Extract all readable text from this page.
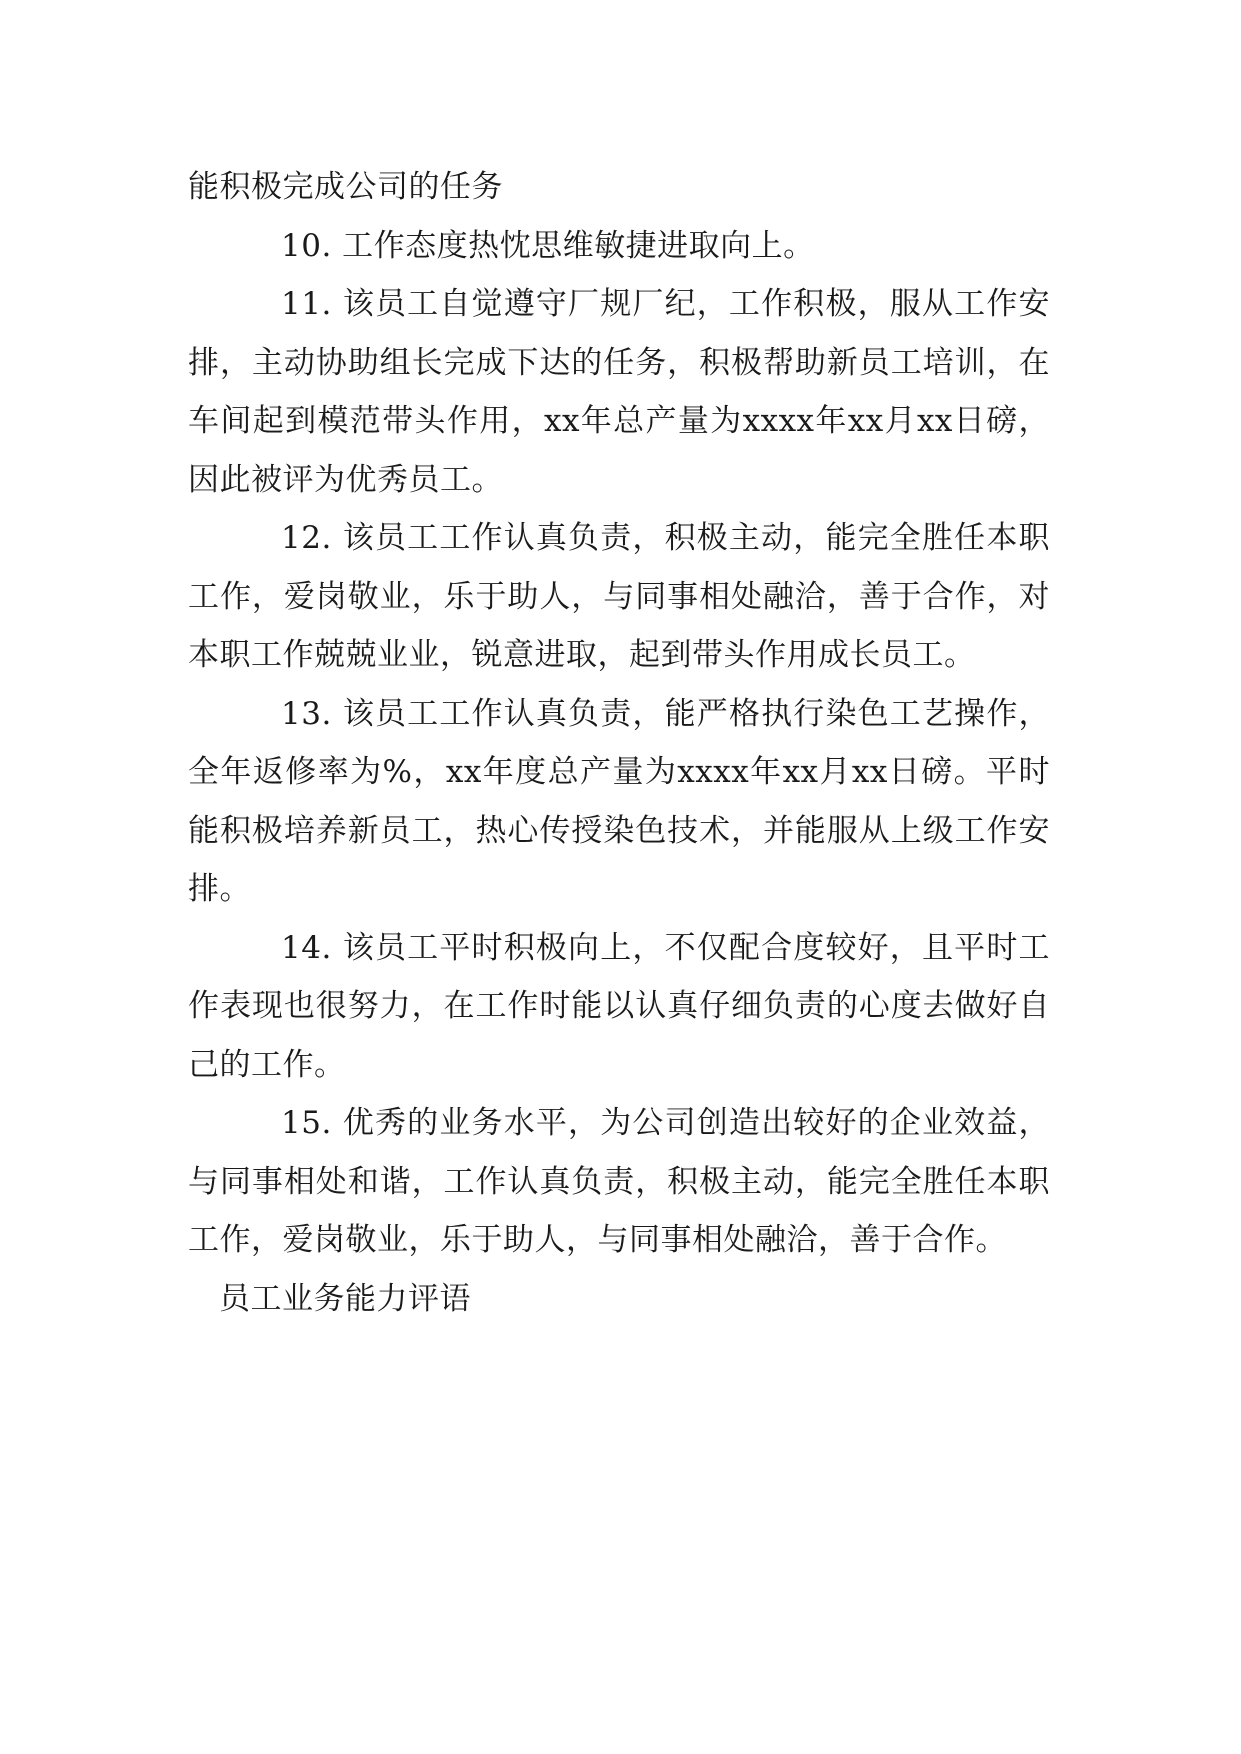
能积极完成公司的任务

10. 工作态度热忱思维敏捷进取向上。

11. 该员工自觉遵守厂规厂纪，工作积极，服从工作安排，主动协助组长完成下达的任务，积极帮助新员工培训，在车间起到模范带头作用，xx年总产量为xxxx年xx月xx日磅，因此被评为优秀员工。

12. 该员工工作认真负责，积极主动，能完全胜任本职工作，爱岗敬业，乐于助人，与同事相处融洽，善于合作，对本职工作兢兢业业，锐意进取，起到带头作用成长员工。

13. 该员工工作认真负责，能严格执行染色工艺操作，全年返修率为%，xx年度总产量为xxxx年xx月xx日磅。平时能积极培养新员工，热心传授染色技术，并能服从上级工作安排。

14. 该员工平时积极向上，不仅配合度较好，且平时工作表现也很努力，在工作时能以认真仔细负责的心度去做好自己的工作。

15. 优秀的业务水平，为公司创造出较好的企业效益，与同事相处和谐，工作认真负责，积极主动，能完全胜任本职工作，爱岗敬业，乐于助人，与同事相处融洽，善于合作。

员工业务能力评语
